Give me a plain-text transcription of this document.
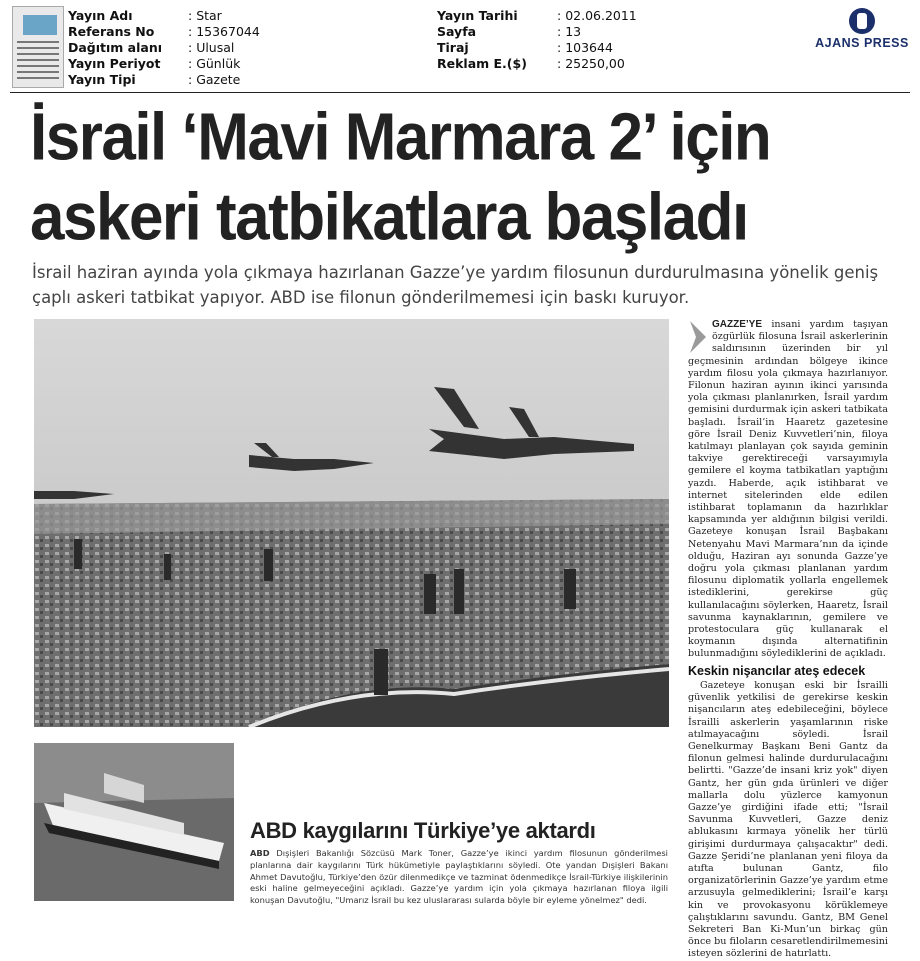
Yayın Adı	: Star
Referans No	: 15367044
Dağıtım alanı	: Ulusal
Yayın Periyot	: Günlük
Yayın Tipi	: Gazete
Yayın Tarihi	: 02.06.2011
Sayfa	: 13
Tiraj	: 103644
Reklam E.($)	: 25250,00
AJANS PRESS
İsrail ‘Mavi Marmara 2’ için askeri tatbikatlara başladı

İsrail haziran ayında yola çıkmaya hazırlanan Gazze’ye yardım filosunun durdurulmasına yönelik geniş çaplı askeri tatbikat yapıyor. ABD ise filonun gönderilmemesi için baskı kuruyor.

GAZZE’YE insani yardım taşıyan özgürlük filosuna İsrail askerlerinin saldırısının üzerinden bir yıl geçmesinin ardından bölgeye ikince yardım filosu yola çıkmaya hazırlanıyor. Filonun haziran ayının ikinci yarısında yola çıkması planlanırken, İsrail yardım gemisini durdurmak için askeri tatbikata başladı. İsrail’in Haaretz gazetesine göre İsrail Deniz Kuvvetleri’nin, filoya katılmayı planlayan çok sayıda geminin takviye gerektireceği varsayımıyla gemilere el koyma tatbikatları yaptığını yazdı. Haberde, açık istihbarat ve internet sitelerinden elde edilen istihbarat toplamanın da hazırlıklar kapsamında yer aldığının bilgisi verildi. Gazeteye konuşan İsrail Başbakanı Netenyahu Mavi Marmara’nın da içinde olduğu, Haziran ayı sonunda Gazze’ye doğru yola çıkması planlanan yardım filosunu diplomatik yollarla engellemek istediklerini, gerekirse güç kullanılacağını söylerken, Haaretz, İsrail savunma kaynaklarının, gemilere ve protestoculara güç kullanarak el koymanın dışında alternatifinin bulunmadığını söylediklerini de açıkladı.

Keskin nişancılar ateş edecek

Gazeteye konuşan eski bir İsrailli güvenlik yetkilisi de gerekirse keskin nişancıların ateş edebileceğini, böylece İsrailli askerlerin yaşamlarının riske atılmayacağını söyledi. İsrail Genelkurmay Başkanı Beni Gantz da filonun gelmesi halinde durdurulacağını belirtti. "Gazze’de insani kriz yok" diyen Gantz, her gün gıda ürünleri ve diğer mallarla dolu yüzlerce kamyonun Gazze’ye girdiğini ifade etti; "İsrail Savunma Kuvvetleri, Gazze deniz ablukasını kırmaya yönelik her türlü girişimi durdurmaya çalışacaktır" dedi. Gazze Şeridi’ne planlanan yeni filoya da atıfta bulunan Gantz, filo organizatörlerinin Gazze’ye yardım etme arzusuyla gelmediklerini; İsrail’e karşı kin ve provokasyonu körüklemeye çalıştıklarını savundu. Gantz, BM Genel Sekreteri Ban Ki-Mun’un birkaç gün önce bu filoların cesaretlendirilmemesini isteyen sözlerini de hatırlattı.

ABD kaygılarını Türkiye’ye aktardı

ABD Dışişleri Bakanlığı Sözcüsü Mark Toner, Gazze’ye ikinci yardım filosunun gönderilmesi planlarına dair kaygılarını Türk hükümetiyle paylaştıklarını söyledi. Ote yandan Dışişleri Bakanı Ahmet Davutoğlu, Türkiye’den özür dilenmedikçe ve tazminat ödenmedikçe İsrail-Türkiye ilişkilerinin eski haline gelmeyeceğini açıkladı. Gazze’ye yardım için yola çıkmaya hazırlanan filoya ilgili konuşan Davutoğlu, "Umarız İsrail bu kez uluslararası sularda böyle bir eyleme yönelmez" dedi.
